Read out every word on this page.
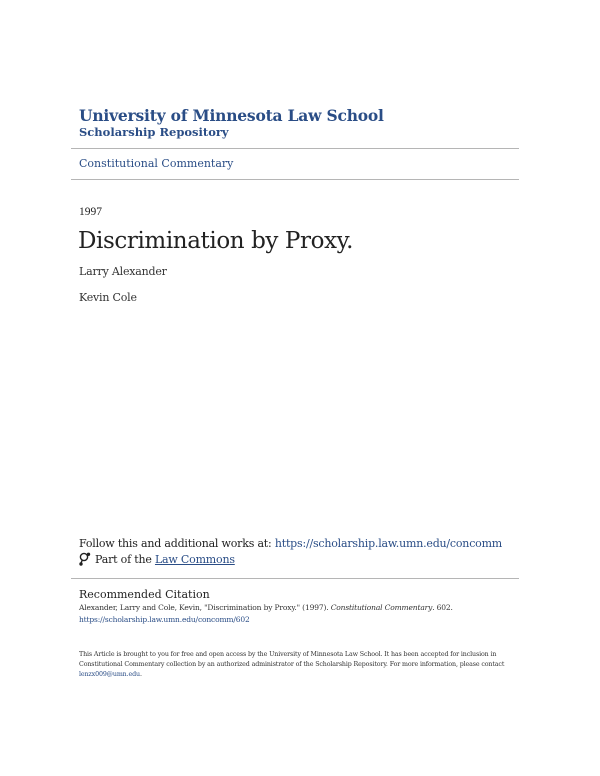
University of Minnesota Law School
Scholarship Repository
Constitutional Commentary
1997
Discrimination by Proxy.
Larry Alexander
Kevin Cole
Follow this and additional works at: https://scholarship.law.umn.edu/concomm
Part of the
Law Commons
Recommended Citation
Alexander, Larry and Cole, Kevin, "Discrimination by Proxy." (1997). Constitutional Commentary. 602.
https://scholarship.law.umn.edu/concomm/602
This Article is brought to you for free and open access by the University of Minnesota Law School. It has been accepted for inclusion in Constitutional Commentary collection by an authorized administrator of the Scholarship Repository. For more information, please contact lenzx009@umn.edu.
